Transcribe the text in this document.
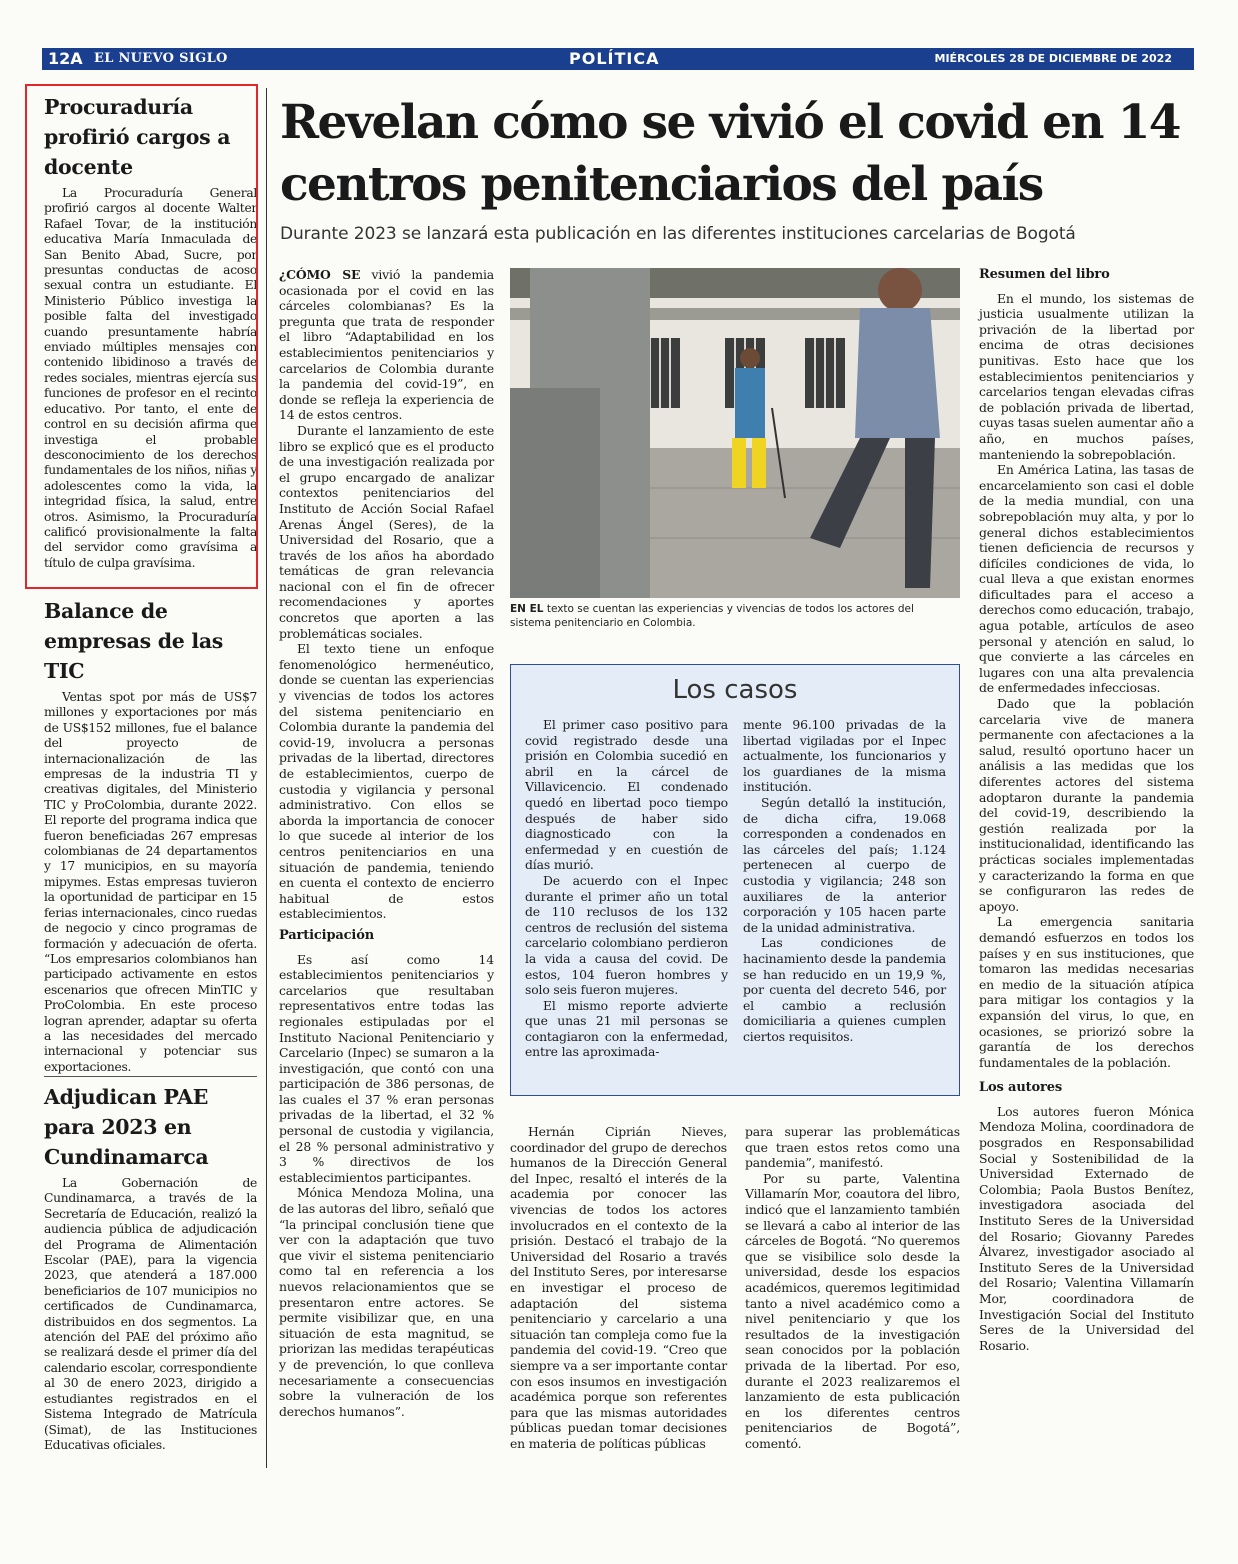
12A EL NUEVO SIGLO	POLÍTICA	MIÉRCOLES 28 DE DICIEMBRE DE 2022
Procuraduría profirió cargos a docente

La Procuraduría General profirió cargos al docente Walter Rafael Tovar, de la institución educativa María Inmaculada de San Benito Abad, Sucre, por presuntas conductas de acoso sexual contra un estudiante. El Ministerio Público investiga la posible falta del investigado cuando presuntamente habría enviado múltiples mensajes con contenido libidinoso a través de redes sociales, mientras ejercía sus funciones de profesor en el recinto educativo. Por tanto, el ente de control en su decisión afirma que investiga el probable desconocimiento de los derechos fundamentales de los niños, niñas y adolescentes como la vida, la integridad física, la salud, entre otros. Asimismo, la Procuraduría calificó provisionalmente la falta del servidor como gravísima a título de culpa gravísima.

Balance de empresas de las TIC

Ventas spot por más de US$7 millones y exportaciones por más de US$152 millones, fue el balance del proyecto de internacionalización de las empresas de la industria TI y creativas digitales, del Ministerio TIC y ProColombia, durante 2022. El reporte del programa indica que fueron beneficiadas 267 empresas colombianas de 24 departamentos y 17 municipios, en su mayoría mipymes. Estas empresas tuvieron la oportunidad de participar en 15 ferias internacionales, cinco ruedas de negocio y cinco programas de formación y adecuación de oferta. “Los empresarios colombianos han participado activamente en estos escenarios que ofrecen MinTIC y ProColombia. En este proceso logran aprender, adaptar su oferta a las necesidades del mercado internacional y potenciar sus exportaciones.

Adjudican PAE para 2023 en Cundinamarca

La Gobernación de Cundinamarca, a través de la Secretaría de Educación, realizó la audiencia pública de adjudicación del Programa de Alimentación Escolar (PAE), para la vigencia 2023, que atenderá a 187.000 beneficiarios de 107 municipios no certificados de Cundinamarca, distribuidos en dos segmentos. La atención del PAE del próximo año se realizará desde el primer día del calendario escolar, correspondiente al 30 de enero 2023, dirigido a estudiantes registrados en el Sistema Integrado de Matrícula (Simat), de las Instituciones Educativas oficiales.

Revelan cómo se vivió el covid en 14 centros penitenciarios del país
Durante 2023 se lanzará esta publicación en las diferentes instituciones carcelarias de Bogotá

¿CÓMO SE vivió la pandemia ocasionada por el covid en las cárceles colombianas? Es la pregunta que trata de responder el libro “Adaptabilidad en los establecimientos penitenciarios y carcelarios de Colombia durante la pandemia del covid-19”, en donde se refleja la experiencia de 14 de estos centros.

Durante el lanzamiento de este libro se explicó que es el producto de una investigación realizada por el grupo encargado de analizar contextos penitenciarios del Instituto de Acción Social Rafael Arenas Ángel (Seres), de la Universidad del Rosario, que a través de los años ha abordado temáticas de gran relevancia nacional con el fin de ofrecer recomendaciones y aportes concretos que aporten a las problemáticas sociales.

El texto tiene un enfoque fenomenológico hermenéutico, donde se cuentan las experiencias y vivencias de todos los actores del sistema penitenciario en Colombia durante la pandemia del covid-19, involucra a personas privadas de la libertad, directores de establecimientos, cuerpo de custodia y vigilancia y personal administrativo. Con ellos se aborda la importancia de conocer lo que sucede al interior de los centros penitenciarios en una situación de pandemia, teniendo en cuenta el contexto de encierro habitual de estos establecimientos.

Participación

Es así como 14 establecimientos penitenciarios y carcelarios que resultaban representativos entre todas las regionales estipuladas por el Instituto Nacional Penitenciario y Carcelario (Inpec) se sumaron a la investigación, que contó con una participación de 386 personas, de las cuales el 37 % eran personas privadas de la libertad, el 32 % personal de custodia y vigilancia, el 28 % personal administrativo y 3 % directivos de los establecimientos participantes.

Mónica Mendoza Molina, una de las autoras del libro, señaló que “la principal conclusión tiene que ver con la adaptación que tuvo que vivir el sistema penitenciario como tal en referencia a los nuevos relacionamientos que se presentaron entre actores. Se permite visibilizar que, en una situación de esta magnitud, se priorizan las medidas terapéuticas y de prevención, lo que conlleva necesariamente a consecuencias sobre la vulneración de los derechos humanos”.

EN EL texto se cuentan las experiencias y vivencias de todos los actores del sistema penitenciario en Colombia.
Los casos

El primer caso positivo para covid registrado desde una prisión en Colombia sucedió en abril en la cárcel de Villavicencio. El condenado quedó en libertad poco tiempo después de haber sido diagnosticado con la enfermedad y en cuestión de días murió.

De acuerdo con el Inpec durante el primer año un total de 110 reclusos de los 132 centros de reclusión del sistema carcelario colombiano perdieron la vida a causa del covid. De estos, 104 fueron hombres y solo seis fueron mujeres.

El mismo reporte advierte que unas 21 mil personas se contagiaron con la enfermedad, entre las aproximada-

mente 96.100 privadas de la libertad vigiladas por el Inpec actualmente, los funcionarios y los guardianes de la misma institución.

Según detalló la institución, de dicha cifra, 19.068 corresponden a condenados en las cárceles del país; 1.124 pertenecen al cuerpo de custodia y vigilancia; 248 son auxiliares de la anterior corporación y 105 hacen parte de la unidad administrativa.

Las condiciones de hacinamiento desde la pandemia se han reducido en un 19,9 %, por cuenta del decreto 546, por el cambio a reclusión domiciliaria a quienes cumplen ciertos requisitos.

Hernán Ciprián Nieves, coordinador del grupo de derechos humanos de la Dirección General del Inpec, resaltó el interés de la academia por conocer las vivencias de todos los actores involucrados en el contexto de la prisión. Destacó el trabajo de la Universidad del Rosario a través del Instituto Seres, por interesarse en investigar el proceso de adaptación del sistema penitenciario y carcelario a una situación tan compleja como fue la pandemia del covid-19. “Creo que siempre va a ser importante contar con esos insumos en investigación académica porque son referentes para que las mismas autoridades públicas puedan tomar decisiones en materia de políticas públicas

para superar las problemáticas que traen estos retos como una pandemia”, manifestó.

Por su parte, Valentina Villamarín Mor, coautora del libro, indicó que el lanzamiento también se llevará a cabo al interior de las cárceles de Bogotá. “No queremos que se visibilice solo desde la universidad, desde los espacios académicos, queremos legitimidad tanto a nivel académico como a nivel penitenciario y que los resultados de la investigación sean conocidos por la población privada de la libertad. Por eso, durante el 2023 realizaremos el lanzamiento de esta publicación en los diferentes centros penitenciarios de Bogotá”, comentó.

Resumen del libro

En el mundo, los sistemas de justicia usualmente utilizan la privación de la libertad por encima de otras decisiones punitivas. Esto hace que los establecimientos penitenciarios y carcelarios tengan elevadas cifras de población privada de libertad, cuyas tasas suelen aumentar año a año, en muchos países, manteniendo la sobrepoblación.

En América Latina, las tasas de encarcelamiento son casi el doble de la media mundial, con una sobrepoblación muy alta, y por lo general dichos establecimientos tienen deficiencia de recursos y difíciles condiciones de vida, lo cual lleva a que existan enormes dificultades para el acceso a derechos como educación, trabajo, agua potable, artículos de aseo personal y atención en salud, lo que convierte a las cárceles en lugares con una alta prevalencia de enfermedades infecciosas.

Dado que la población carcelaria vive de manera permanente con afectaciones a la salud, resultó oportuno hacer un análisis a las medidas que los diferentes actores del sistema adoptaron durante la pandemia del covid-19, describiendo la gestión realizada por la institucionalidad, identificando las prácticas sociales implementadas y caracterizando la forma en que se configuraron las redes de apoyo.

La emergencia sanitaria demandó esfuerzos en todos los países y en sus instituciones, que tomaron las medidas necesarias en medio de la situación atípica para mitigar los contagios y la expansión del virus, lo que, en ocasiones, se priorizó sobre la garantía de los derechos fundamentales de la población.

Los autores

Los autores fueron Mónica Mendoza Molina, coordinadora de posgrados en Responsabilidad Social y Sostenibilidad de la Universidad Externado de Colombia; Paola Bustos Benítez, investigadora asociada del Instituto Seres de la Universidad del Rosario; Giovanny Paredes Álvarez, investigador asociado al Instituto Seres de la Universidad del Rosario; Valentina Villamarín Mor, coordinadora de Investigación Social del Instituto Seres de la Universidad del Rosario.
